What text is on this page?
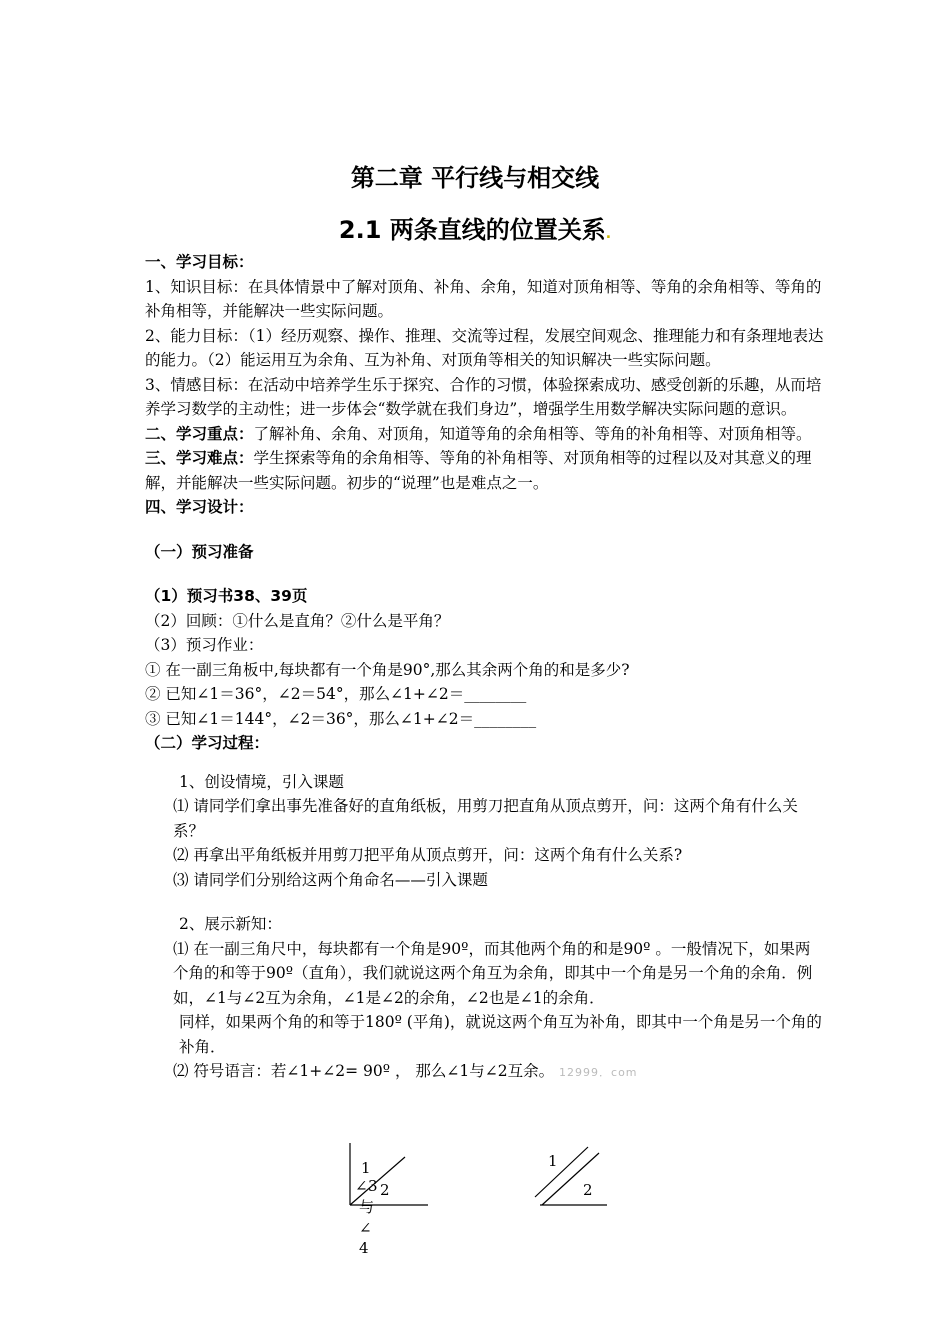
第二章 平行线与相交线
2.1 两条直线的位置关系.

一、学习目标：

1、知识目标：在具体情景中了解对顶角、补角、余角，知道对顶角相等、等角的余角相等、等角的补角相等，并能解决一些实际问题。

2、能力目标：（1）经历观察、操作、推理、交流等过程，发展空间观念、推理能力和有条理地表达的能力。（2）能运用互为余角、互为补角、对顶角等相关的知识解决一些实际问题。

3、情感目标：在活动中培养学生乐于探究、合作的习惯，体验探索成功、感受创新的乐趣，从而培养学习数学的主动性；进一步体会“数学就在我们身边”，增强学生用数学解决实际问题的意识。

二、学习重点：了解补角、余角、对顶角，知道等角的余角相等、等角的补角相等、对顶角相等。

三、学习难点：学生探索等角的余角相等、等角的补角相等、对顶角相等的过程以及对其意义的理解，并能解决一些实际问题。初步的“说理”也是难点之一。

四、学习设计：

（一）预习准备

（1）预习书38、39页

（2）回顾：①什么是直角？②什么是平角？

（3）预习作业：

① 在一副三角板中,每块都有一个角是90°,那么其余两个角的和是多少?

② 已知∠1＝36°，∠2＝54°，那么∠1+∠2＝________

③ 已知∠1＝144°，∠2＝36°，那么∠1+∠2＝________

（二）学习过程：

1、创设情境，引入课题

⑴ 请同学们拿出事先准备好的直角纸板，用剪刀把直角从顶点剪开，问：这两个角有什么关系？

⑵ 再拿出平角纸板并用剪刀把平角从顶点剪开，问：这两个角有什么关系?

⑶ 请同学们分别给这两个角命名——引入课题

2、展示新知：

⑴ 在一副三角尺中，每块都有一个角是90º，而其他两个角的和是90º 。一般情况下，如果两个角的和等于90º（直角），我们就说这两个角互为余角，即其中一个角是另一个角的余角．例如，∠1与∠2互为余角，∠1是∠2的余角，∠2也是∠1的余角．

同样，如果两个角的和等于180º (平角)，就说这两个角互为补角，即其中一个角是另一个角的补角．

⑵ 符号语言：若∠1+∠2= 90º ， 那么∠1与∠2互余。 12999．com

1
2
∠ 3
与
∠
4
1
2
